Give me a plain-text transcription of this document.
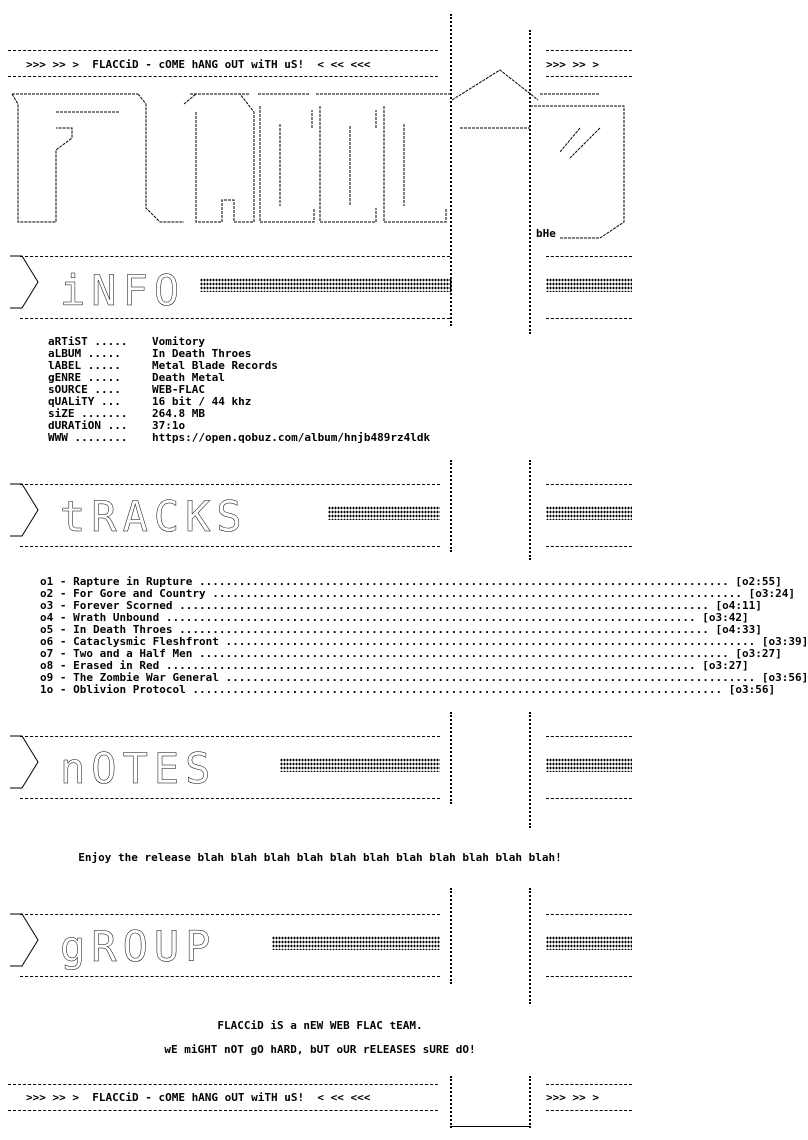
>>> >> >  FLACCiD - cOME hANG oUT wiTH uS!  < << <<<	>>> >> >
bHe
iNFO
aRTiST ..... Vomitory
aLBUM .....	In Death Throes
lABEL .....	Metal Blade Records
gENRE .....	Death Metal
sOURCE ....	WEB-FLAC
qUALiTY ...	16 bit / 44 khz
siZE ....... 264.8 MB
dURATiON ... 37:1o
WWW ........ https://open.qobuz.com/album/hnjb489rz4ldk
tRACKS
o1 - Rapture in Rupture ................................................................................ [o2:55]
o2 - For Gore and Country ................................................................................ [o3:24]
o3 - Forever Scorned ................................................................................ [o4:11]
o4 - Wrath Unbound ................................................................................ [o3:42]
o5 - In Death Throes ................................................................................ [o4:33]
o6 - Cataclysmic Fleshfront ................................................................................ [o3:39]
o7 - Two and a Half Men ................................................................................ [o3:27]
o8 - Erased in Red ................................................................................ [o3:27]
o9 - The Zombie War General ................................................................................ [o3:56]
1o - Oblivion Protocol ................................................................................ [o3:56]
nOTES
Enjoy the release blah blah blah blah blah blah blah blah blah blah blah!
gROUP
FLACCiD iS a nEW WEB FLAC tEAM.
wE miGHT nOT gO hARD, bUT oUR rELEASES sURE dO!
>>> >> >  FLACCiD - cOME hANG oUT wiTH uS!  < << <<<	>>> >> >
